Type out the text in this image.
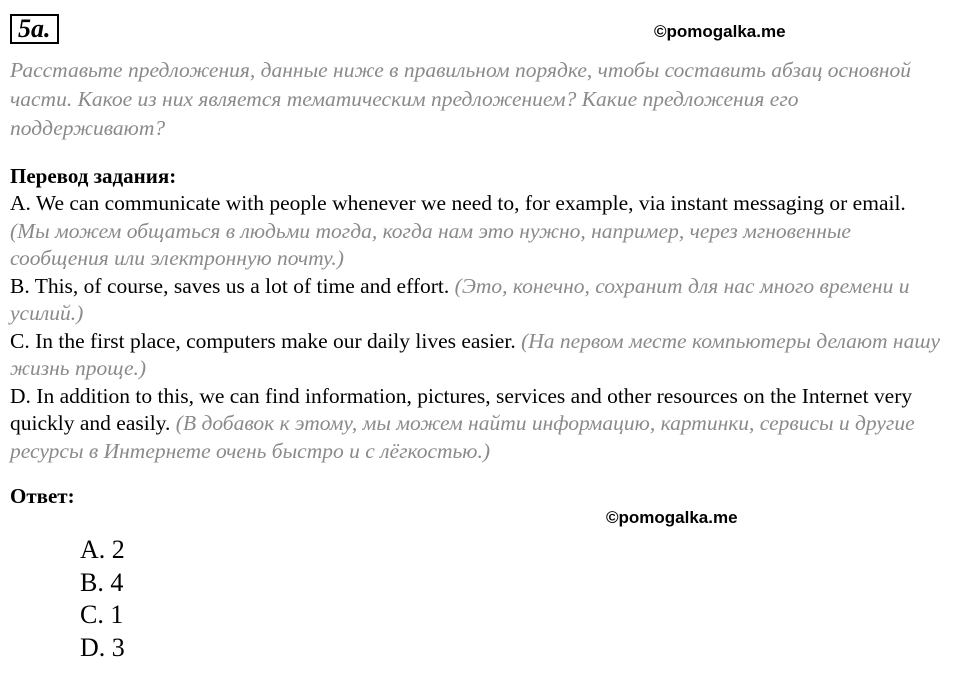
5a.	©pomogalka.me
Расставьте предложения, данные ниже в правильном порядке, чтобы составить абзац основной части. Какое из них является тематическим предложением? Какие предложения его поддерживают?
Перевод задания:

A. We can communicate with people whenever we need to, for example, via instant messaging or email. (Мы можем общаться в людьми тогда, когда нам это нужно, например, через мгновенные сообщения или электронную почту.)

B. This, of course, saves us a lot of time and effort. (Это, конечно, сохранит для нас много времени и усилий.)

C. In the first place, computers make our daily lives easier. (На первом месте компьютеры делают нашу жизнь проще.)

D. In addition to this, we can find information, pictures, services and other resources on the Internet very quickly and easily. (В добавок к этому, мы можем найти информацию, картинки, сервисы и другие ресурсы в Интернете очень быстро и с лёгкостью.)

Ответ:
©pomogalka.me
A. 2
B. 4
C. 1
D. 3
